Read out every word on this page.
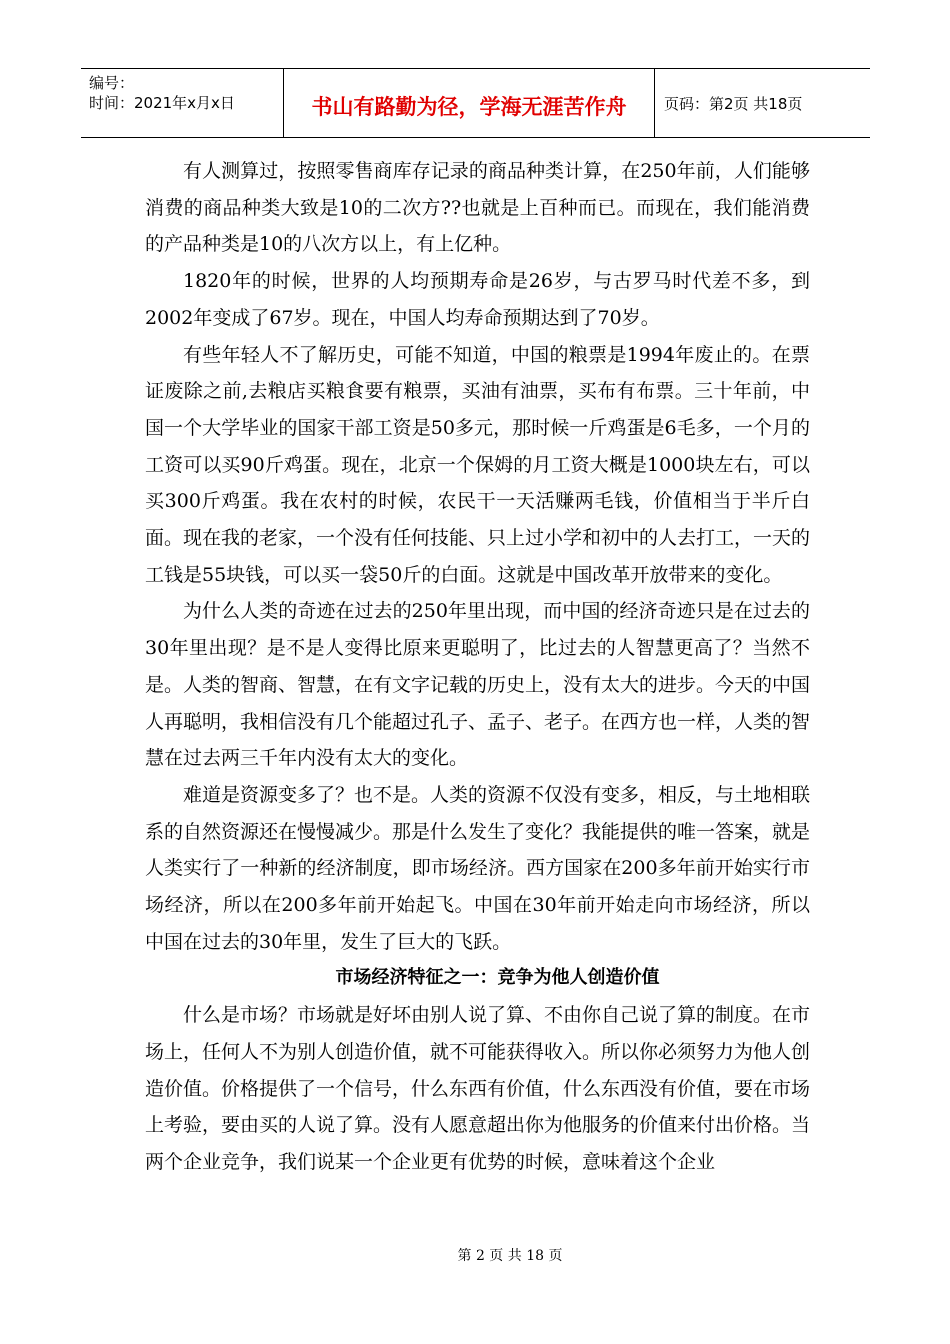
编号：
时间：2021年x月x日	书山有路勤为径，学海无涯苦作舟	页码：第2页 共18页

有人测算过，按照零售商库存记录的商品种类计算，在250年前，人们能够消费的商品种类大致是10的二次方??也就是上百种而已。而现在，我们能消费的产品种类是10的八次方以上，有上亿种。

1820年的时候，世界的人均预期寿命是26岁，与古罗马时代差不多，到2002年变成了67岁。现在，中国人均寿命预期达到了70岁。

有些年轻人不了解历史，可能不知道，中国的粮票是1994年废止的。在票证废除之前,去粮店买粮食要有粮票，买油有油票，买布有布票。三十年前，中国一个大学毕业的国家干部工资是50多元，那时候一斤鸡蛋是6毛多，一个月的工资可以买90斤鸡蛋。现在，北京一个保姆的月工资大概是1000块左右，可以买300斤鸡蛋。我在农村的时候，农民干一天活赚两毛钱，价值相当于半斤白面。现在我的老家，一个没有任何技能、只上过小学和初中的人去打工，一天的工钱是55块钱，可以买一袋50斤的白面。这就是中国改革开放带来的变化。

为什么人类的奇迹在过去的250年里出现，而中国的经济奇迹只是在过去的30年里出现？是不是人变得比原来更聪明了，比过去的人智慧更高了？当然不是。人类的智商、智慧，在有文字记载的历史上，没有太大的进步。今天的中国人再聪明，我相信没有几个能超过孔子、孟子、老子。在西方也一样，人类的智慧在过去两三千年内没有太大的变化。

难道是资源变多了？也不是。人类的资源不仅没有变多，相反，与土地相联系的自然资源还在慢慢减少。那是什么发生了变化？我能提供的唯一答案，就是人类实行了一种新的经济制度，即市场经济。西方国家在200多年前开始实行市场经济，所以在200多年前开始起飞。中国在30年前开始走向市场经济，所以中国在过去的30年里，发生了巨大的飞跃。

市场经济特征之一：竞争为他人创造价值

什么是市场？市场就是好坏由别人说了算、不由你自己说了算的制度。在市场上，任何人不为别人创造价值，就不可能获得收入。所以你必须努力为他人创造价值。价格提供了一个信号，什么东西有价值，什么东西没有价值，要在市场上考验，要由买的人说了算。没有人愿意超出你为他服务的价值来付出价格。当两个企业竞争，我们说某一个企业更有优势的时候，意味着这个企业

第 2 页 共 18 页
